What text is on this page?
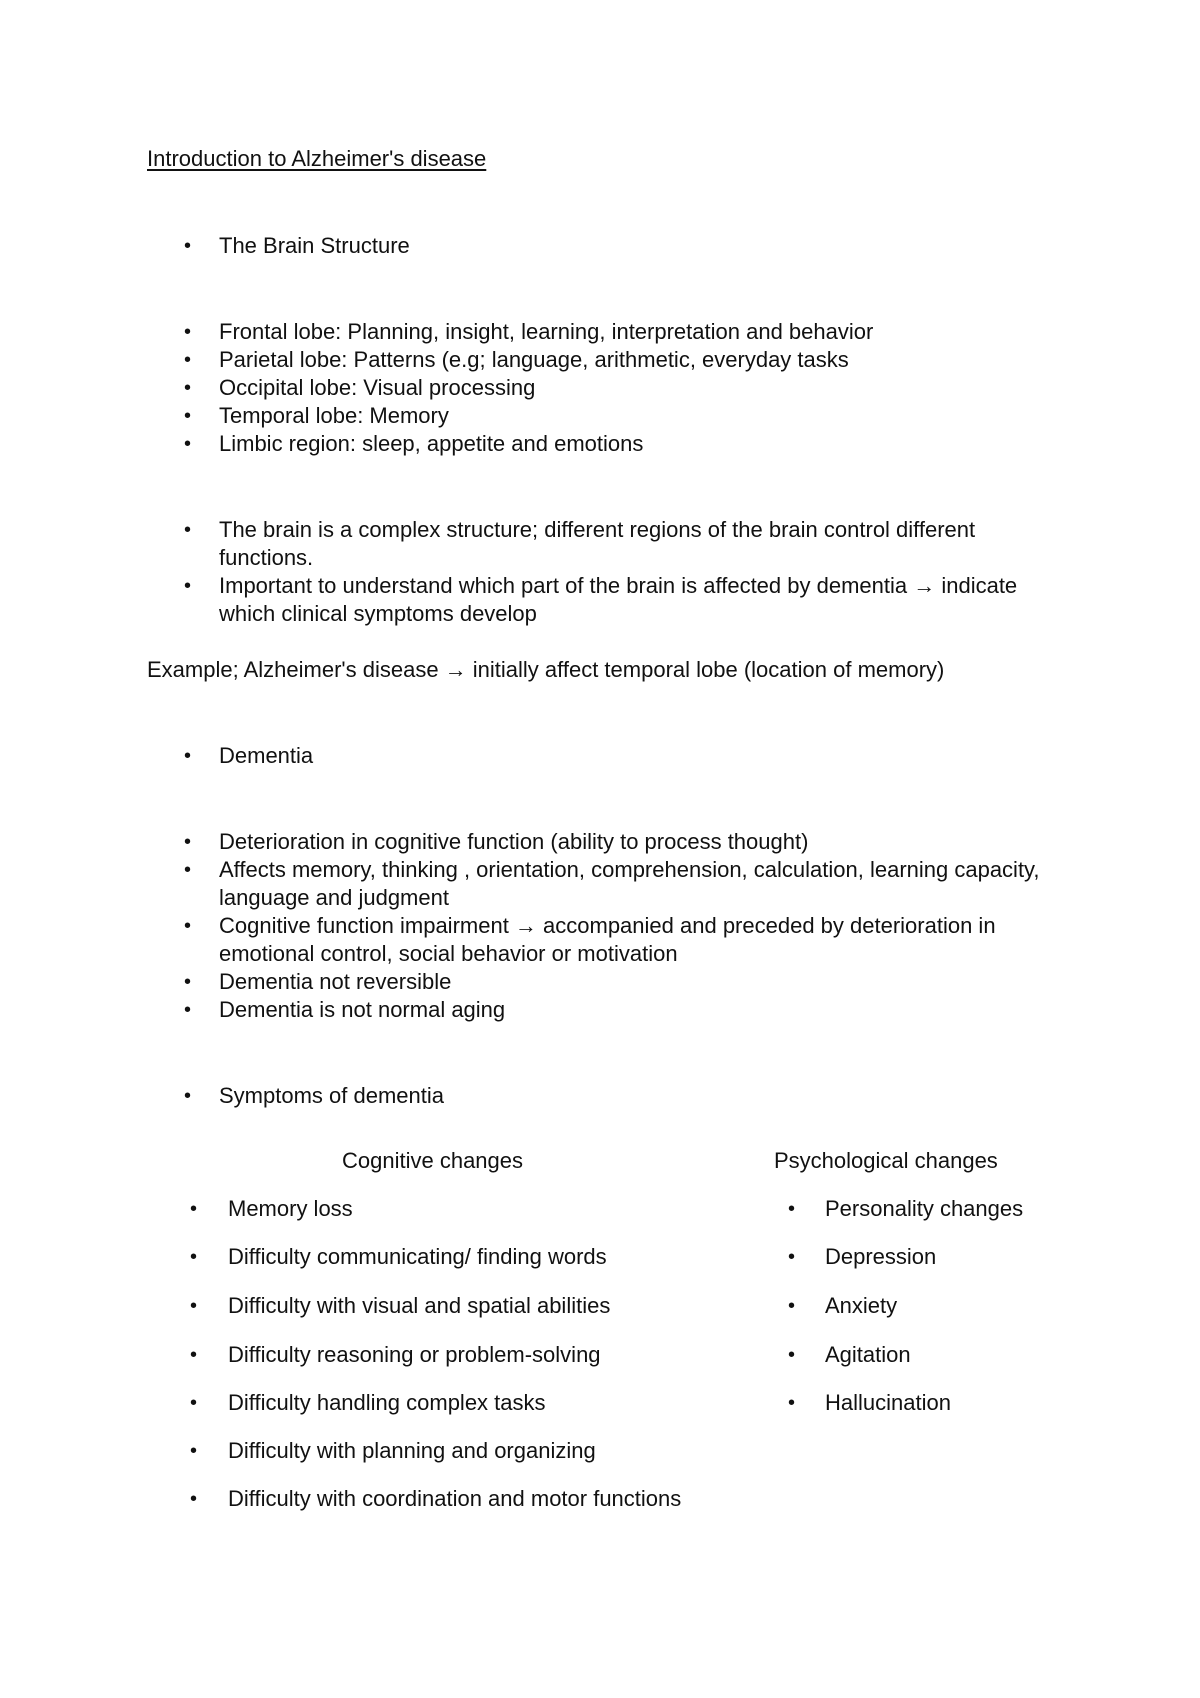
Introduction to Alzheimer's disease
• The Brain Structure
• Frontal lobe: Planning, insight, learning, interpretation and behavior
• Parietal lobe: Patterns (e.g; language, arithmetic, everyday tasks
• Occipital lobe: Visual processing
• Temporal lobe: Memory
• Limbic region: sleep, appetite and emotions
• The brain is a complex structure; different regions of the brain control different functions.
• Important to understand which part of the brain is affected by dementia → indicate which clinical symptoms develop
Example; Alzheimer's disease → initially affect temporal lobe (location of memory)
• Dementia
• Deterioration in cognitive function (ability to process thought)
• Affects memory, thinking , orientation, comprehension, calculation, learning capacity, language and judgment
• Cognitive function impairment → accompanied and preceded by deterioration in emotional control, social behavior or motivation
• Dementia not reversible
• Dementia is not normal aging
• Symptoms of dementia
Cognitive changes	Psychological changes
• Memory loss
• Difficulty communicating/ finding words
• Difficulty with visual and spatial abilities
• Difficulty reasoning or problem-solving
• Difficulty handling complex tasks
• Difficulty with planning and organizing
• Difficulty with coordination and motor functions
• Personality changes
• Depression
• Anxiety
• Agitation
• Hallucination
